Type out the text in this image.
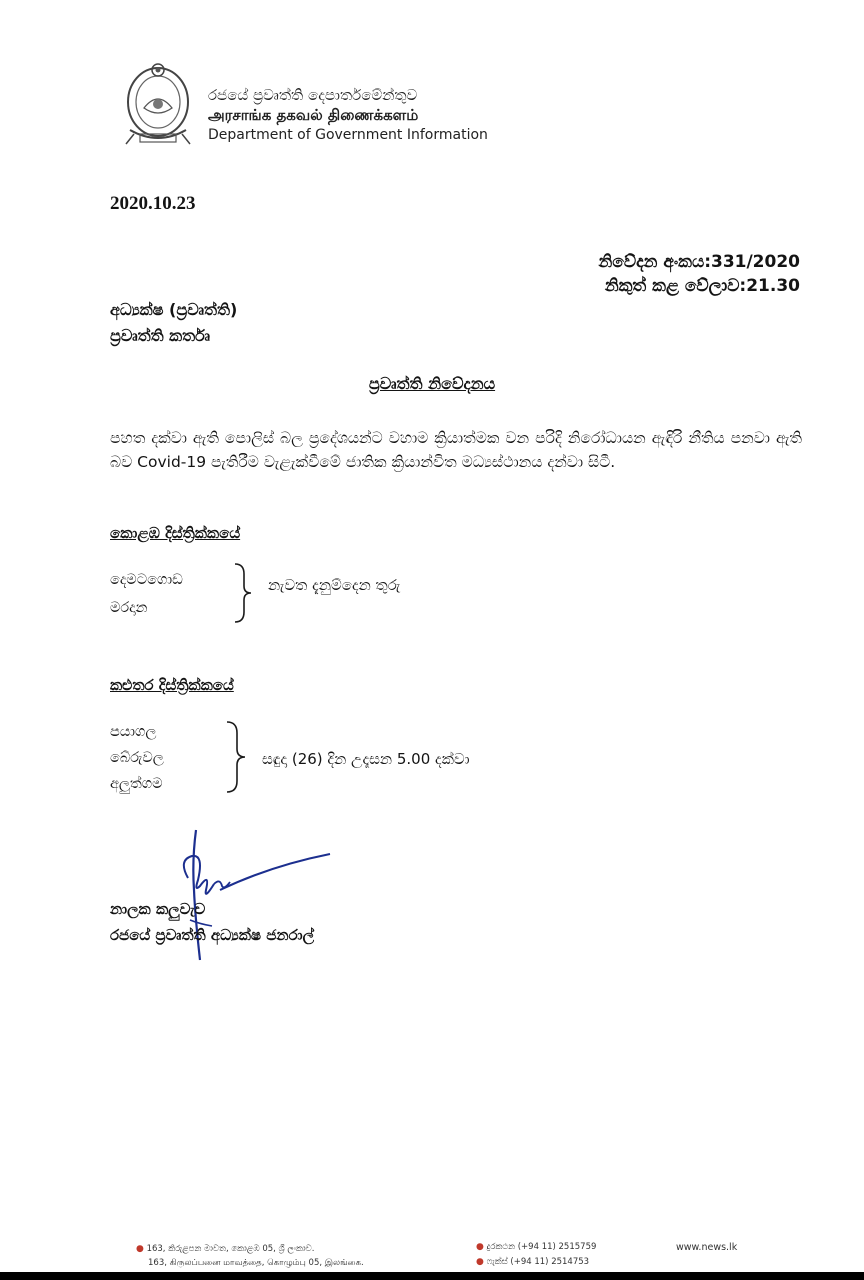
රජයේ ප්‍රවෘත්ති දෙපාර්තමේන්තුව
அரசாங்க தகவல் திணைக்களம்
Department of Government Information
2020.10.23
නිවේදන අංකය:331/2020
නිකුත් කළ වේලාව:21.30
අධ්‍යක්ෂ (ප්‍රවෘත්ති)
ප්‍රවෘත්ති කර්තෘ
ප්‍රවෘත්ති නිවේදනය
පහත දක්වා ඇති පොලිස් බල ප්‍රදේශයන්ට වහාම ක්‍රියාත්මක වන පරිදි නිරෝධායන ඇඳිරි නීතිය පනවා ඇති බව Covid-19 පැතිරීම වැළැක්වීමේ ජාතික ක්‍රියාන්විත මධ්‍යස්ථානය දන්වා සිටී.
කොළඹ දිස්ත්‍රික්කයේ
දෙමටගොඩ
මරදාන
නැවත දැනුම්දෙන තුරු
කළුතර දිස්ත්‍රික්කයේ
පයාගල
බේරුවල
අලුත්ගම
සඳුදා (26) දින උදෑසන 5.00 දක්වා
නාලක කලුවැව
රජයේ ප්‍රවෘත්ති අධ්‍යක්ෂ ජනරාල්
● 163, කිරුළපන මාවත, කොළඹ 05, ශ්‍රී ලංකාව.
163, கிருலப்பனை மாவத்தை, கொழும்பு 05, இலங்கை.
● දුරකථන (+94 11) 2515759
● ෆැක්ස් (+94 11) 2514753
www.news.lk
